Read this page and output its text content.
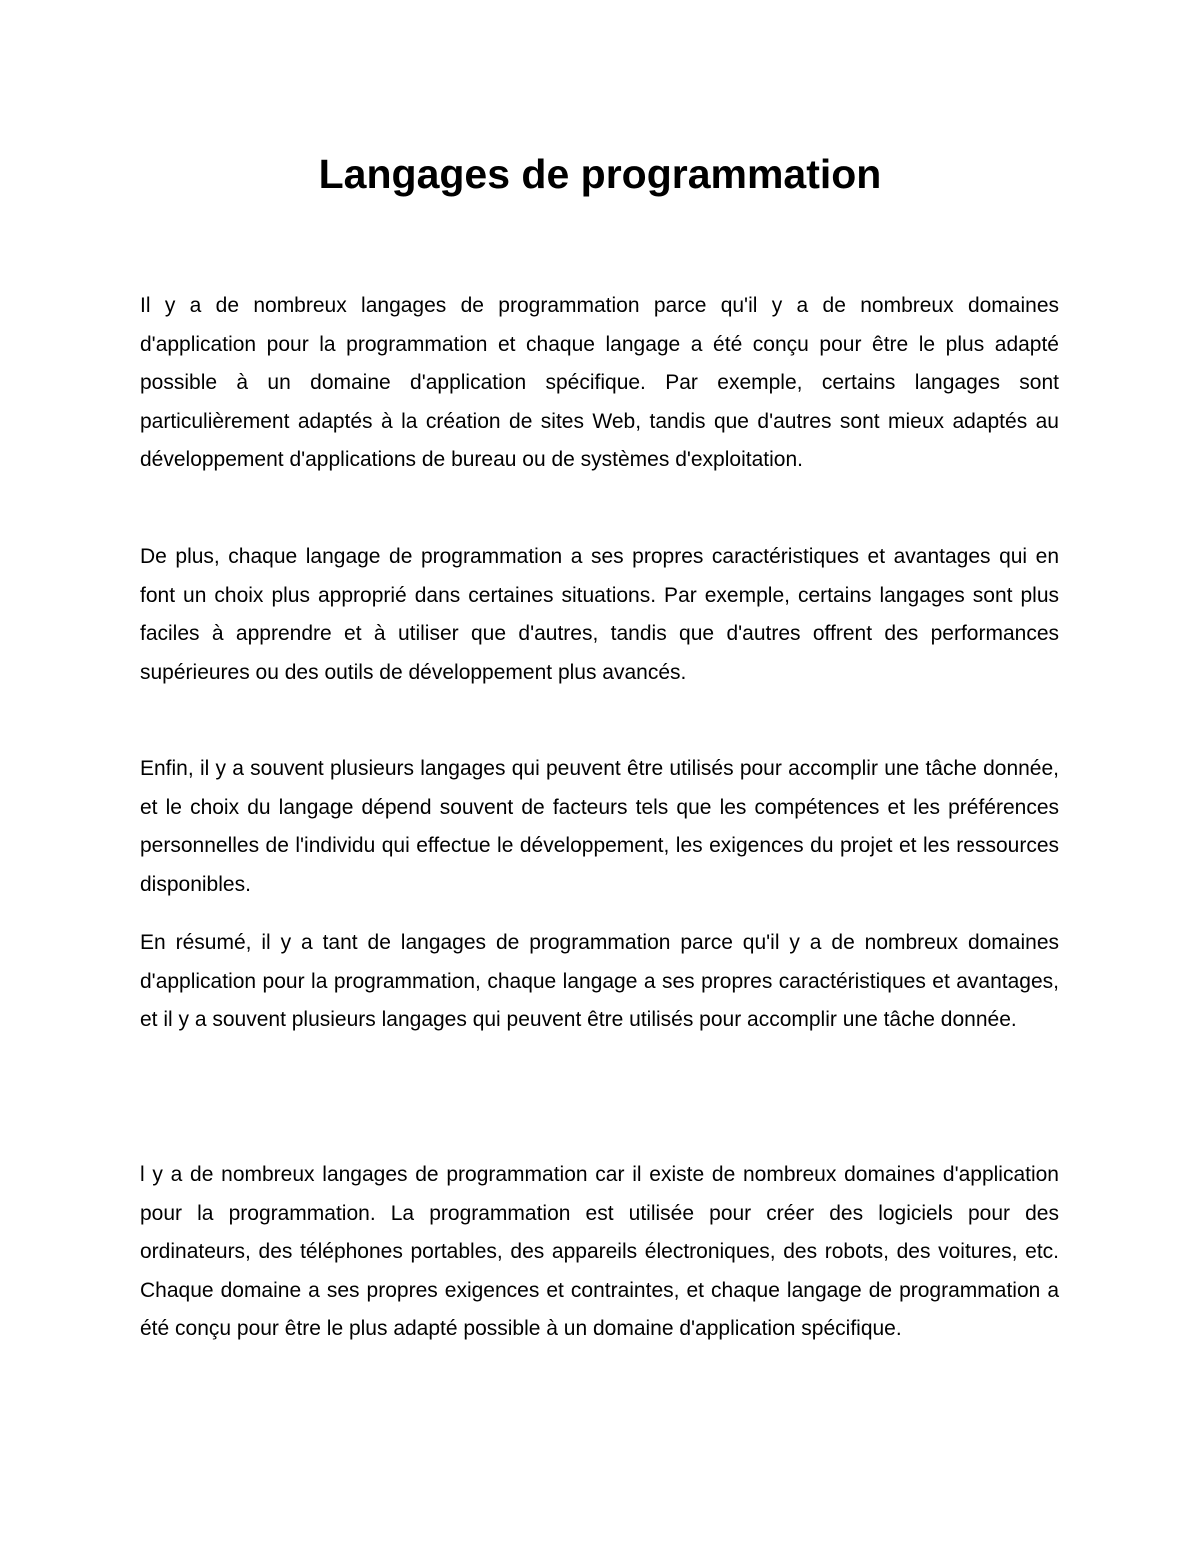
Langages de programmation

Il y a de nombreux langages de programmation parce qu'il y a de nombreux domaines d'application pour la programmation et chaque langage a été conçu pour être le plus adapté possible à un domaine d'application spécifique. Par exemple, certains langages sont particulièrement adaptés à la création de sites Web, tandis que d'autres sont mieux adaptés au développement d'applications de bureau ou de systèmes d'exploitation.

De plus, chaque langage de programmation a ses propres caractéristiques et avantages qui en font un choix plus approprié dans certaines situations. Par exemple, certains langages sont plus faciles à apprendre et à utiliser que d'autres, tandis que d'autres offrent des performances supérieures ou des outils de développement plus avancés.

Enfin, il y a souvent plusieurs langages qui peuvent être utilisés pour accomplir une tâche donnée, et le choix du langage dépend souvent de facteurs tels que les compétences et les préférences personnelles de l'individu qui effectue le développement, les exigences du projet et les ressources disponibles.

En résumé, il y a tant de langages de programmation parce qu'il y a de nombreux domaines d'application pour la programmation, chaque langage a ses propres caractéristiques et avantages, et il y a souvent plusieurs langages qui peuvent être utilisés pour accomplir une tâche donnée.

l y a de nombreux langages de programmation car il existe de nombreux domaines d'application pour la programmation. La programmation est utilisée pour créer des logiciels pour des ordinateurs, des téléphones portables, des appareils électroniques, des robots, des voitures, etc. Chaque domaine a ses propres exigences et contraintes, et chaque langage de programmation a été conçu pour être le plus adapté possible à un domaine d'application spécifique.
